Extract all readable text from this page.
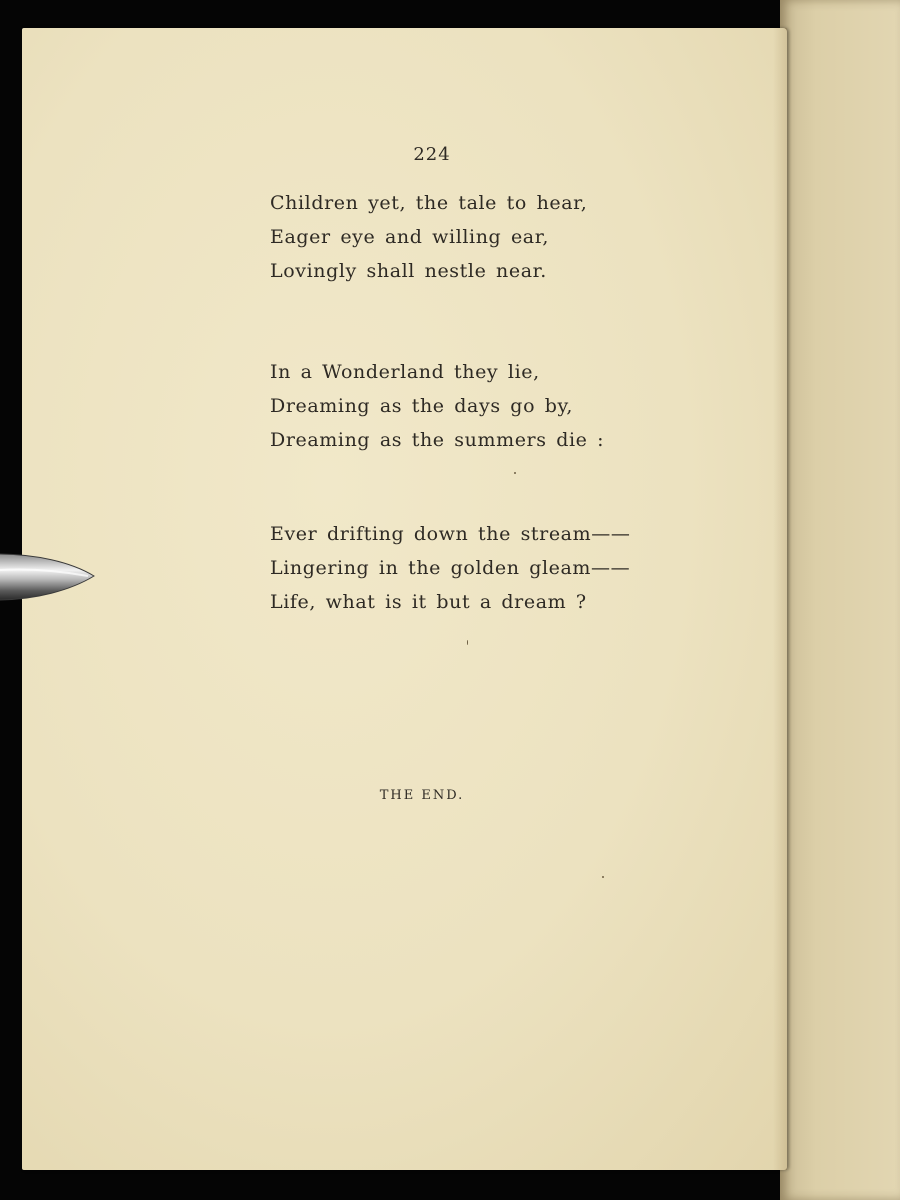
224
Children yet, the tale to hear,
Eager eye and willing ear,
Lovingly shall nestle near.
In a Wonderland they lie,
Dreaming as the days go by,
Dreaming as the summers die :
Ever drifting down the stream——
Lingering in the golden gleam——
Life, what is it but a dream ?
THE END.
